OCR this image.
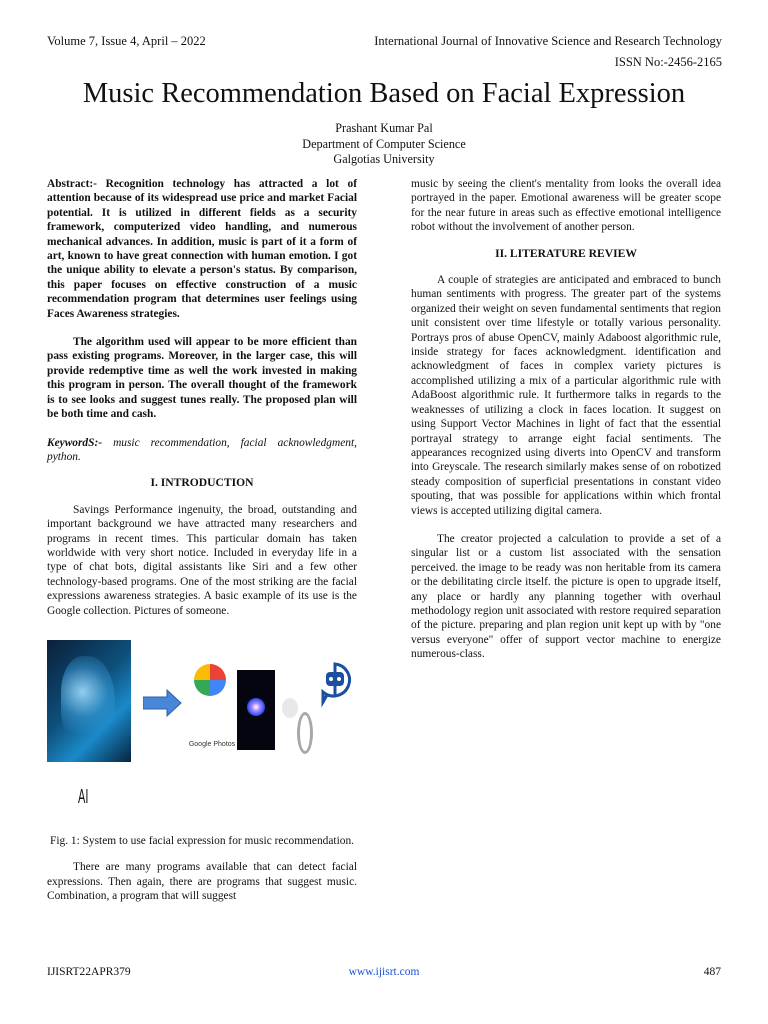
Volume 7, Issue 4, April – 2022	International Journal of Innovative Science and Research Technology
ISSN No:-2456-2165
Music Recommendation Based on Facial Expression
Prashant Kumar Pal
Department of Computer Science
Galgotias University

Abstract:- Recognition technology has attracted a lot of attention because of its widespread use price and market Facial potential. It is utilized in different fields as a security framework, computerized video handling, and numerous mechanical advances. In addition, music is part of it a form of art, known to have great connection with human emotion. I got the unique ability to elevate a person's status. By comparison, this paper focuses on effective construction of a music recommendation program that determines user feelings using Faces Awareness strategies.

The algorithm used will appear to be more efficient than pass existing programs. Moreover, in the larger case, this will provide redemptive time as well the work invested in making this program in person. The overall thought of the framework is to see looks and suggest tunes really. The proposed plan will be both time and cash.

KeywordS:- music recommendation, facial acknowledgment, python.

I. INTRODUCTION

Savings Performance ingenuity, the broad, outstanding and important background we have attracted many researchers and programs in recent times. This particular domain has taken worldwide with very short notice. Included in everyday life in a type of chat bots, digital assistants like Siri and a few other technology-based programs. One of the most striking are the facial expressions awareness strategies. A basic example of its use is the Google collection. Pictures of someone.

Google Photos
AI
Fig. 1: System to use facial expression for music recommendation.

There are many programs available that can detect facial expressions. Then again, there are programs that suggest music. Combination, a program that will suggest

music by seeing the client's mentality from looks the overall idea portrayed in the paper. Emotional awareness will be greater scope for the near future in areas such as effective emotional intelligence robot without the involvement of another person.

II. LITERATURE REVIEW

A couple of strategies are anticipated and embraced to bunch human sentiments with progress. The greater part of the systems organized their weight on seven fundamental sentiments that region unit consistent over time lifestyle or totally various personality. Portrays pros of abuse OpenCV, mainly Adaboost algorithmic rule, inside strategy for faces acknowledgment. identification and acknowledgment of faces in complex variety pictures is accomplished utilizing a mix of a particular algorithmic rule with AdaBoost algorithmic rule. It furthermore talks in regards to the weaknesses of utilizing a clock in faces location. It suggest on using Support Vector Machines in light of fact that the essential portrayal strategy to arrange eight facial sentiments. The appearances recognized using diverts into OpenCV and transform into Greyscale. The research similarly makes sense of on robotized steady composition of superficial presentations in constant video spouting, that was possible for applications within which frontal views is accepted utilizing digital camera.

The creator projected a calculation to provide a set of a singular list or a custom list associated with the sensation perceived. the image to be ready was non heritable from its camera or the debilitating circle itself. the picture is open to upgrade itself, any place or hardly any planning together with overhaul methodology region unit associated with restore required separation of the picture. preparing and plan region unit kept up with by "one versus everyone" offer of support vector machine to energize numerous-class.

IJISRT22APR379	www.ijisrt.com	487
